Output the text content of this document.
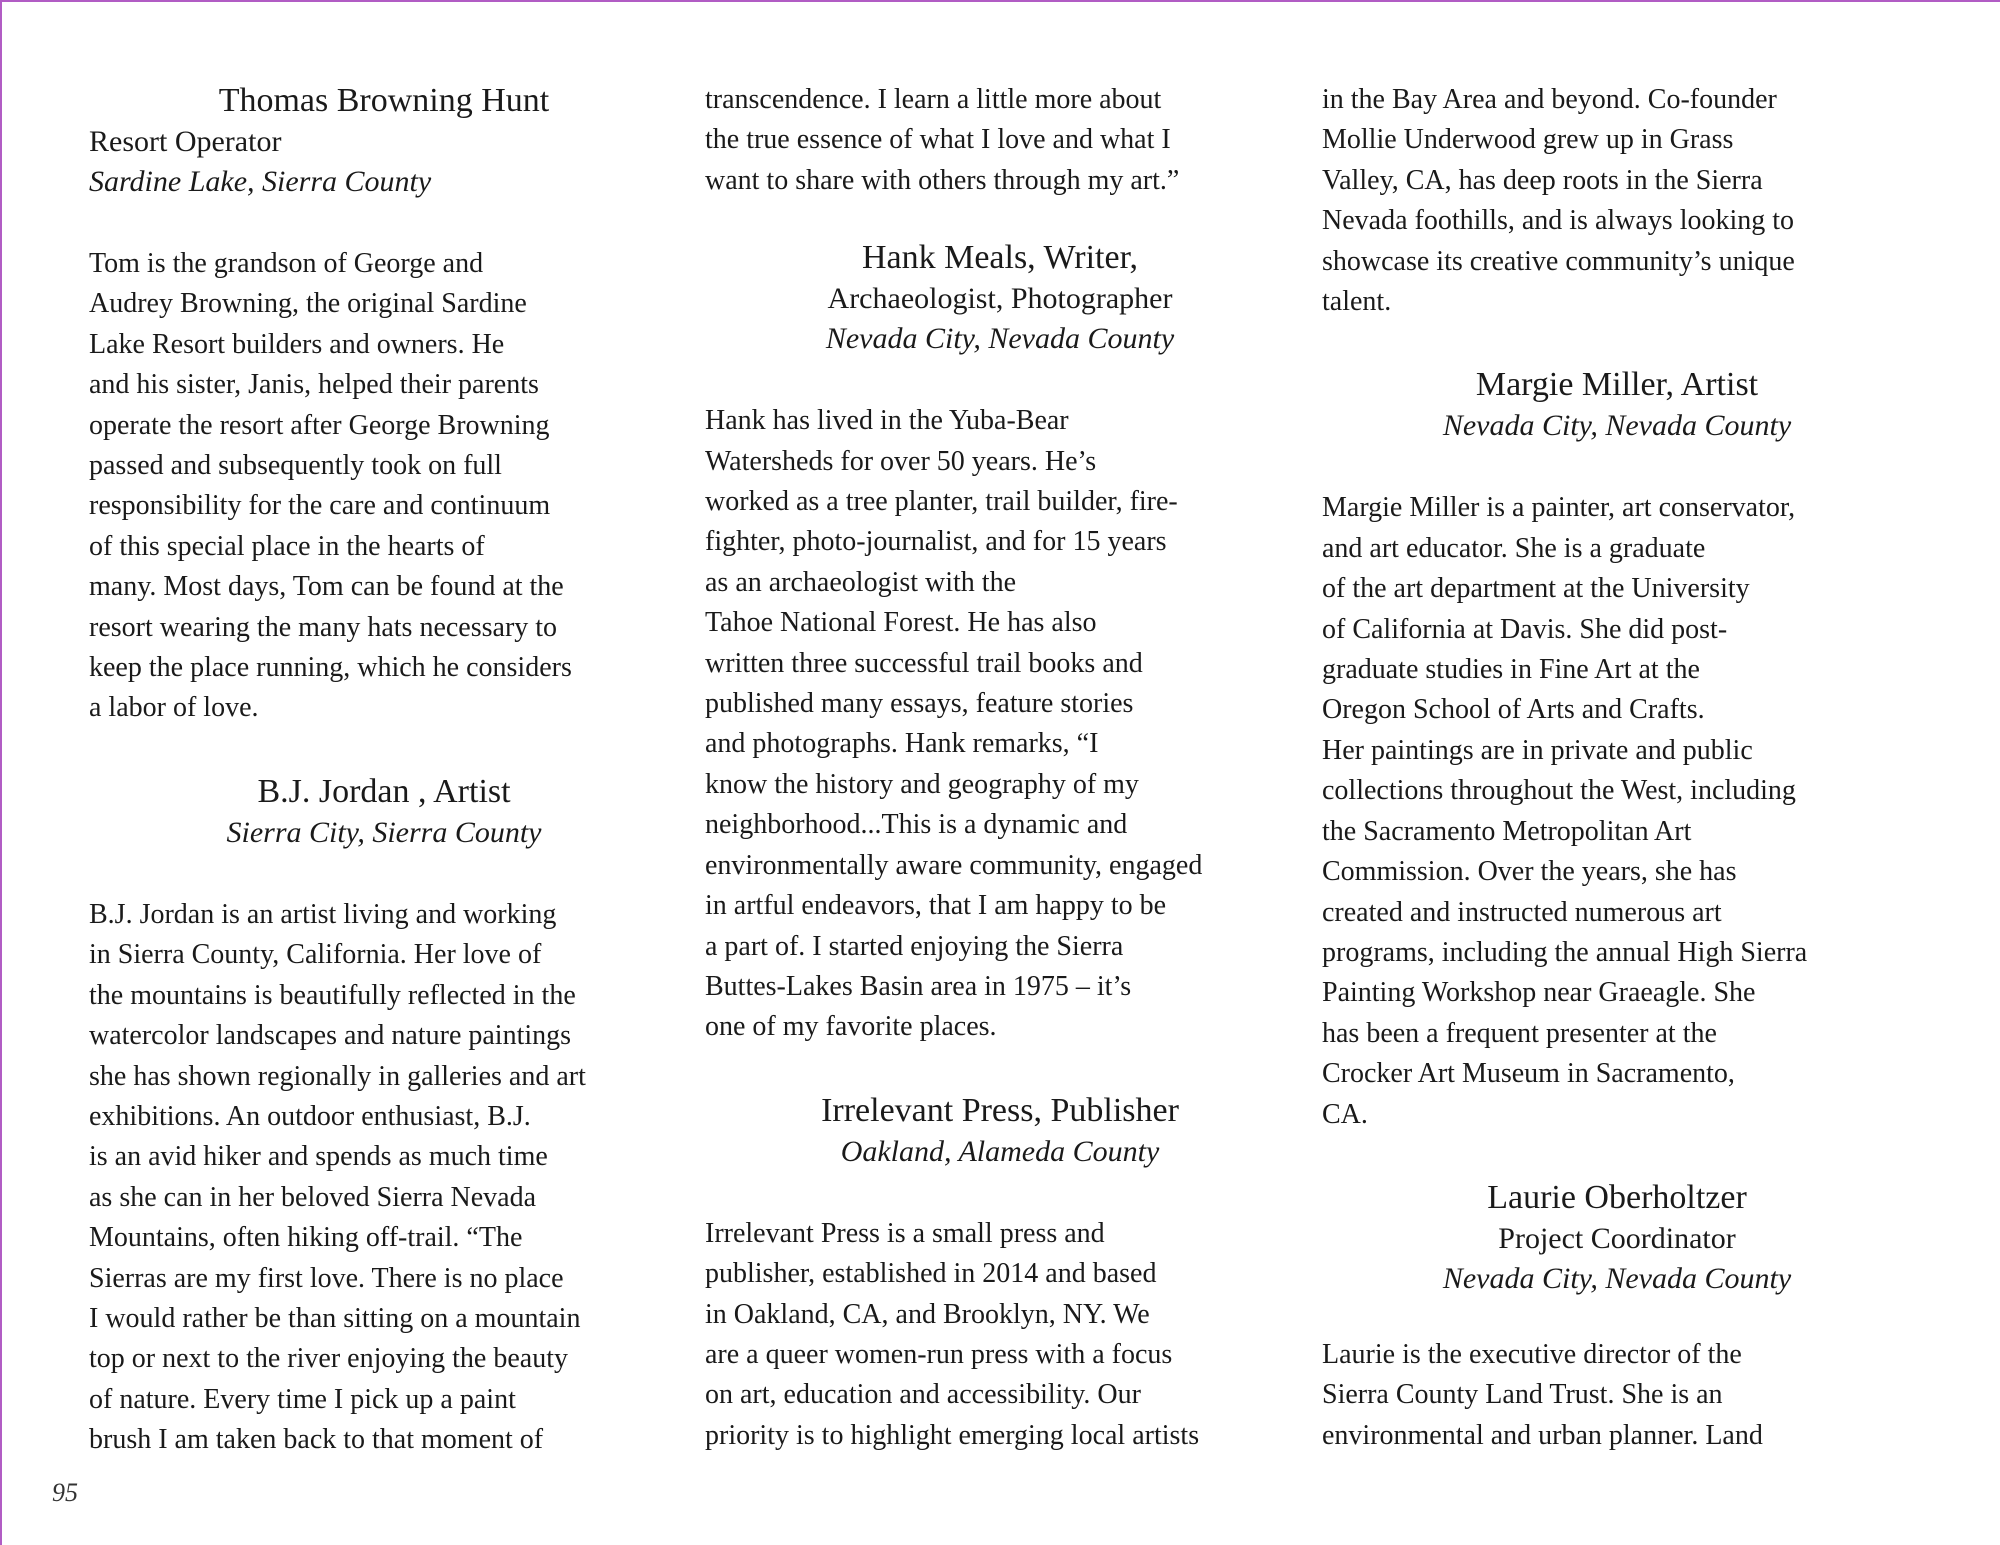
Thomas Browning Hunt
Resort Operator
Sardine Lake, Sierra County
Tom is the grandson of George and
Audrey Browning, the original Sardine
Lake Resort builders and owners. He
and his sister, Janis, helped their parents
operate the resort after George Browning
passed and subsequently took on full
responsibility for the care and continuum
of this special place in the hearts of
many. Most days, Tom can be found at the
resort wearing the many hats necessary to
keep the place running, which he considers
a labor of love.
B.J. Jordan , Artist
Sierra City, Sierra County
B.J. Jordan is an artist living and working
in Sierra County, California. Her love of
the mountains is beautifully reflected in the
watercolor landscapes and nature paintings
she has shown regionally in galleries and art
exhibitions. An outdoor enthusiast, B.J.
is an avid hiker and spends as much time
as she can in her beloved Sierra Nevada
Mountains, often hiking off-trail. “The
Sierras are my first love. There is no place
I would rather be than sitting on a mountain
top or next to the river enjoying the beauty
of nature. Every time I pick up a paint
brush I am taken back to that moment of
transcendence. I learn a little more about
the true essence of what I love and what I
want to share with others through my art.”
Hank Meals, Writer,
Archaeologist, Photographer
Nevada City, Nevada County
Hank has lived in the Yuba-Bear
Watersheds for over 50 years. He’s
worked as a tree planter, trail builder, fire-
fighter, photo-journalist, and for 15 years
as an archaeologist with the
Tahoe National Forest. He has also
written three successful trail books and
published many essays, feature stories
and photographs. Hank remarks, “I
know the history and geography of my
neighborhood...This is a dynamic and
environmentally aware community, engaged
in artful endeavors, that I am happy to be
a part of. I started enjoying the Sierra
Buttes-Lakes Basin area in 1975 – it’s
one of my favorite places.
Irrelevant Press, Publisher
Oakland, Alameda County
Irrelevant Press is a small press and
publisher, established in 2014 and based
in Oakland, CA, and Brooklyn, NY. We
are a queer women-run press with a focus
on art, education and accessibility. Our
priority is to highlight emerging local artists
in the Bay Area and beyond. Co-founder
Mollie Underwood grew up in Grass
Valley, CA, has deep roots in the Sierra
Nevada foothills, and is always looking to
showcase its creative community’s unique
talent.
Margie Miller, Artist
Nevada City, Nevada County
Margie Miller is a painter, art conservator,
and art educator. She is a graduate
of the art department at the University
of California at Davis. She did post-
graduate studies in Fine Art at the
Oregon School of Arts and Crafts.
Her paintings are in private and public
collections throughout the West, including
the Sacramento Metropolitan Art
Commission. Over the years, she has
created and instructed numerous art
programs, including the annual High Sierra
Painting Workshop near Graeagle. She
has been a frequent presenter at the
Crocker Art Museum in Sacramento,
CA.
Laurie Oberholtzer
Project Coordinator
Nevada City, Nevada County
Laurie is the executive director of the
Sierra County Land Trust. She is an
environmental and urban planner. Land
95
